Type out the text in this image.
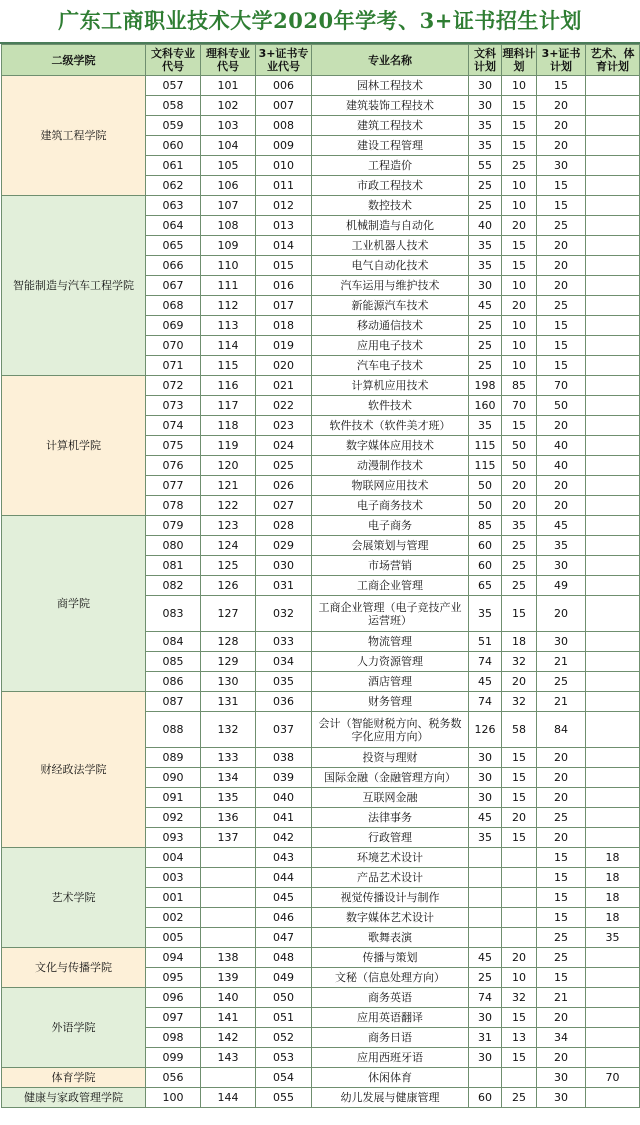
广东工商职业技术大学2020年学考、3+证书招生计划
二级学院	文科专业代号	理科专业代号	3+证书专业代号	专业名称	文科计划	理科计划	3+证书计划	艺术、体育计划
建筑工程学院	057	101	006	园林工程技术	30	10	15	
	058	102	007	建筑装饰工程技术	30	15	20	
	059	103	008	建筑工程技术	35	15	20	
	060	104	009	建设工程管理	35	15	20	
	061	105	010	工程造价	55	25	30	
	062	106	011	市政工程技术	25	10	15	
智能制造与汽车工程学院	063	107	012	数控技术	25	10	15	
	064	108	013	机械制造与自动化	40	20	25	
	065	109	014	工业机器人技术	35	15	20	
	066	110	015	电气自动化技术	35	15	20	
	067	111	016	汽车运用与维护技术	30	10	20	
	068	112	017	新能源汽车技术	45	20	25	
	069	113	018	移动通信技术	25	10	15	
	070	114	019	应用电子技术	25	10	15	
	071	115	020	汽车电子技术	25	10	15	
计算机学院	072	116	021	计算机应用技术	198	85	70	
	073	117	022	软件技术	160	70	50	
	074	118	023	软件技术（软件美才班）	35	15	20	
	075	119	024	数字媒体应用技术	115	50	40	
	076	120	025	动漫制作技术	115	50	40	
	077	121	026	物联网应用技术	50	20	20	
	078	122	027	电子商务技术	50	20	20	
商学院	079	123	028	电子商务	85	35	45	
	080	124	029	会展策划与管理	60	25	35	
	081	125	030	市场营销	60	25	30	
	082	126	031	工商企业管理	65	25	49	
	083	127	032	工商企业管理（电子竞技产业运营班）	35	15	20	
	084	128	033	物流管理	51	18	30	
	085	129	034	人力资源管理	74	32	21	
	086	130	035	酒店管理	45	20	25	
财经政法学院	087	131	036	财务管理	74	32	21	
	088	132	037	会计（智能财税方向、税务数字化应用方向）	126	58	84	
	089	133	038	投资与理财	30	15	20	
	090	134	039	国际金融（金融管理方向）	30	15	20	
	091	135	040	互联网金融	30	15	20	
	092	136	041	法律事务	45	20	25	
	093	137	042	行政管理	35	15	20	
艺术学院	004		043	环境艺术设计			15	18
	003		044	产品艺术设计			15	18
	001		045	视觉传播设计与制作			15	18
	002		046	数字媒体艺术设计			15	18
	005		047	歌舞表演			25	35
文化与传播学院	094	138	048	传播与策划	45	20	25	
	095	139	049	文秘（信息处理方向）	25	10	15	
外语学院	096	140	050	商务英语	74	32	21	
	097	141	051	应用英语翻译	30	15	20	
	098	142	052	商务日语	31	13	34	
	099	143	053	应用西班牙语	30	15	20	
体育学院	056		054	休闲体育			30	70
健康与家政管理学院	100	144	055	幼儿发展与健康管理	60	25	30	
